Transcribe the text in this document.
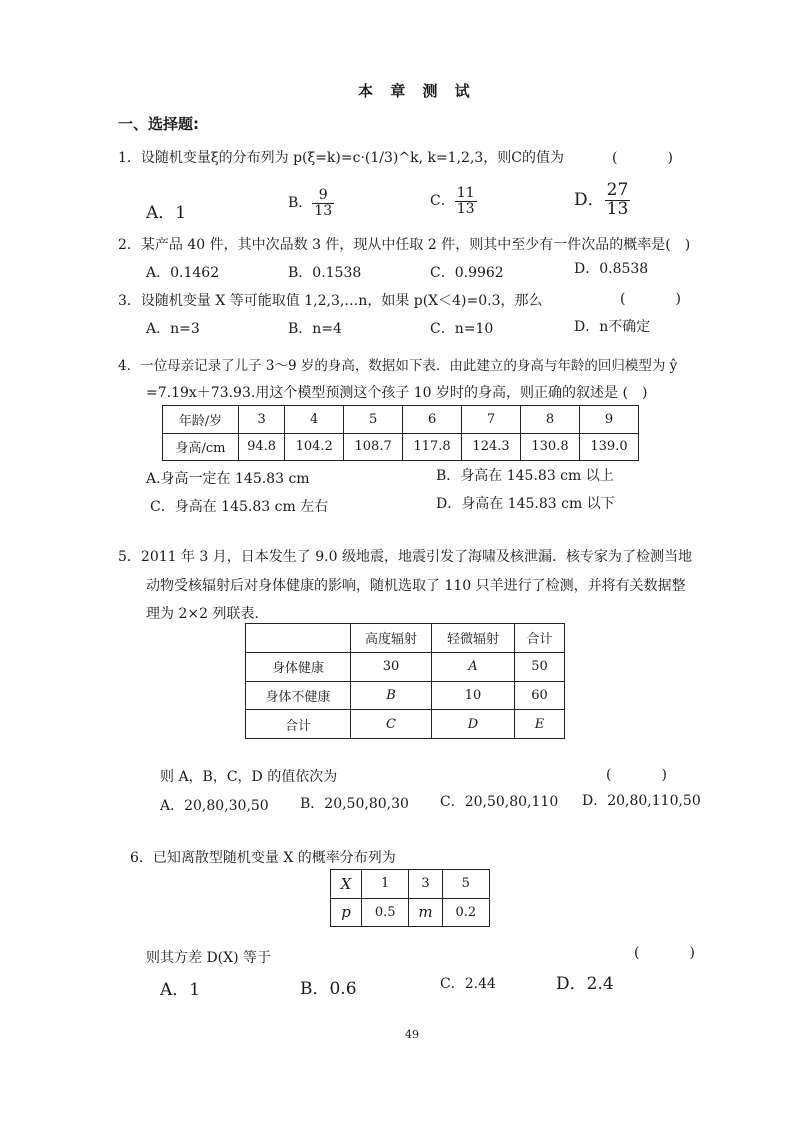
本 章 测 试
一、选择题:
1．设随机变量ξ的分布列为 p(ξ=k)=c·(1/3)^k, k=1,2,3，则C的值为	(　)
A．1	B． $\frac{9}{13}$	C． $\frac{11}{13}$	D． $\frac{27}{13}$
2．某产品 40 件，其中次品数 3 件，现从中任取 2 件，则其中至少有一件次品的概率是(　)
A．0.1462	B．0.1538	C．0.9962	D．0.8538
3．设随机变量 X 等可能取值 1,2,3,…n，如果 p(X＜4)=0.3，那么	(　)
A．n=3	B．n=4	C．n=10	D．n不确定
4．一位母亲记录了儿子 3～9 岁的身高，数据如下表．由此建立的身高与年龄的回归模型为 ŷ
=7.19x＋73.93.用这个模型预测这个孩子 10 岁时的身高，则正确的叙述是 (　)
年龄/岁	3	4	5	6	7	8	9
身高/cm	94.8	104.2	108.7	117.8	124.3	130.8	139.0
A.身高一定在 145.83 cm	B．身高在 145.83 cm 以上
C．身高在 145.83 cm 左右	D．身高在 145.83 cm 以下
5．2011 年 3 月，日本发生了 9.0 级地震，地震引发了海啸及核泄漏．核专家为了检测当地
动物受核辐射后对身体健康的影响，随机选取了 110 只羊进行了检测，并将有关数据整
理为 2×2 列联表．
	高度辐射	轻微辐射	合计
身体健康	30	A	50
身体不健康	B	10	60
合计	C	D	E
则 A，B，C，D 的值依次为	(　)
A．20,80,30,50 B．20,50,80,30 C．20,50,80,110 D．20,80,110,50
6．已知离散型随机变量 X 的概率分布列为
X	1	3	5
p	0.5	m	0.2
则其方差 D(X) 等于	(　)
A．1	B．0.6	C．2.44	D．2.4
49
